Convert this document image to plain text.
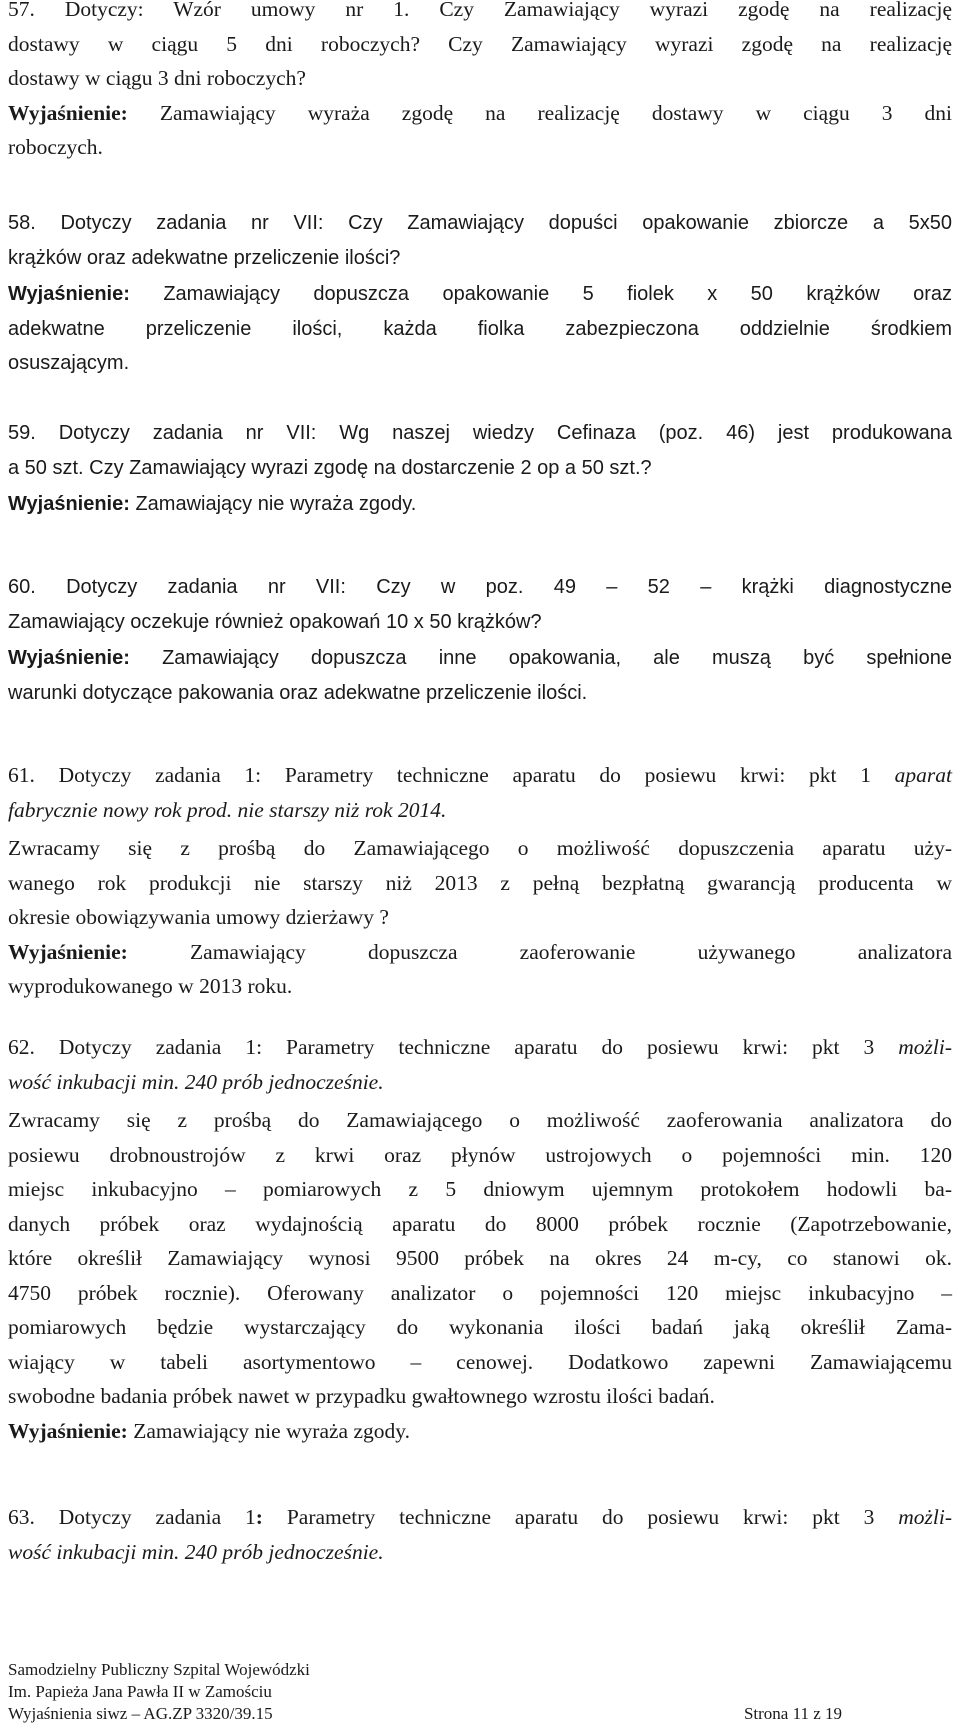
57. Dotyczy: Wzór umowy nr 1. Czy Zamawiający wyrazi zgodę na realizację
dostawy w ciągu 5 dni roboczych? Czy Zamawiający wyrazi zgodę na realizację
dostawy w ciągu 3 dni roboczych?
Wyjaśnienie: Zamawiający wyraża zgodę na realizację dostawy w ciągu 3 dni
roboczych.
58. Dotyczy zadania nr VII: Czy Zamawiający dopuści opakowanie zbiorcze a 5x50
krążków oraz adekwatne przeliczenie ilości?
Wyjaśnienie: Zamawiający dopuszcza opakowanie 5 fiolek x 50 krążków oraz
adekwatne przeliczenie ilości, każda fiolka zabezpieczona oddzielnie środkiem
osuszającym.
59. Dotyczy zadania nr VII: Wg naszej wiedzy Cefinaza (poz. 46) jest produkowana
a 50 szt. Czy Zamawiający wyrazi zgodę na dostarczenie 2 op a 50 szt.?
Wyjaśnienie: Zamawiający nie wyraża zgody.
60. Dotyczy zadania nr VII: Czy w poz. 49 – 52 – krążki diagnostyczne
Zamawiający oczekuje również opakowań 10 x 50 krążków?
Wyjaśnienie: Zamawiający dopuszcza inne opakowania, ale muszą być spełnione
warunki dotyczące pakowania oraz adekwatne przeliczenie ilości.
61. Dotyczy zadania 1: Parametry techniczne aparatu do posiewu krwi: pkt 1 aparat
fabrycznie nowy rok prod. nie starszy niż rok 2014.
Zwracamy się z prośbą do Zamawiającego o możliwość dopuszczenia aparatu uży-
wanego rok produkcji nie starszy niż 2013 z pełną bezpłatną gwarancją producenta w
okresie obowiązywania umowy dzierżawy ?
Wyjaśnienie: Zamawiający dopuszcza zaoferowanie używanego analizatora
wyprodukowanego w 2013 roku.
62. Dotyczy zadania 1: Parametry techniczne aparatu do posiewu krwi: pkt 3 możli-
wość inkubacji min. 240 prób jednocześnie.
Zwracamy się z prośbą do Zamawiającego o możliwość zaoferowania analizatora do
posiewu drobnoustrojów z krwi oraz płynów ustrojowych o pojemności min. 120
miejsc inkubacyjno – pomiarowych z 5 dniowym ujemnym protokołem hodowli ba-
danych próbek oraz wydajnością aparatu do 8000 próbek rocznie (Zapotrzebowanie,
które określił Zamawiający wynosi 9500 próbek na okres 24 m-cy, co stanowi ok.
4750 próbek rocznie). Oferowany analizator o pojemności 120 miejsc inkubacyjno –
pomiarowych będzie wystarczający do wykonania ilości badań jaką określił Zama-
wiający w tabeli asortymentowo – cenowej. Dodatkowo zapewni Zamawiającemu
swobodne badania próbek nawet w przypadku gwałtownego wzrostu ilości badań.
Wyjaśnienie: Zamawiający nie wyraża zgody.
63. Dotyczy zadania 1: Parametry techniczne aparatu do posiewu krwi: pkt 3 możli-
wość inkubacji min. 240 prób jednocześnie.
Samodzielny Publiczny Szpital Wojewódzki
Im. Papieża Jana Pawła II w Zamościu
Wyjaśnienia siwz – AG.ZP 3320/39.15	Strona 11 z 19
